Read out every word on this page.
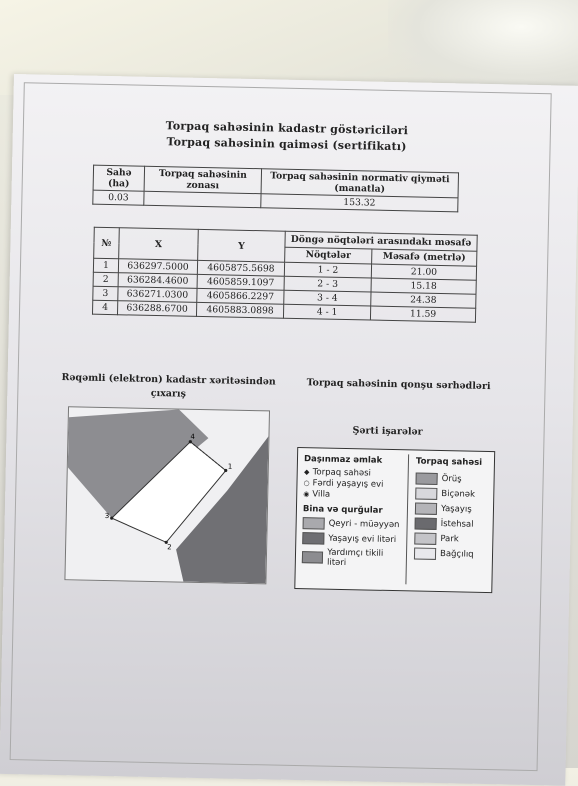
Torpaq sahəsinin kadastr göstəriciləri
Torpaq sahəsinin qaiməsi (sertifikatı)
Sahə (ha)	Torpaq sahəsinin zonası	Torpaq sahəsinin normativ qiyməti (manatla)
0.03		153.32
№	X	Y	Döngə nöqtələri arasındakı məsafə	
			Nöqtələr	Məsafə (metrlə)
1	636297.5000	4605875.5698	1 - 2	21.00
2	636284.4600	4605859.1097	2 - 3	15.18
3	636271.0300	4605866.2297	3 - 4	24.38
4	636288.6700	4605883.0898	4 - 1	11.59
Rəqəmli (elektron) kadastr xəritəsindən
çıxarış
Torpaq sahəsinin qonşu sərhədləri
Şərti işarələr
1
2
3
4
Daşınmaz əmlak
◆ Torpaq sahəsi
○ Fərdi yaşayış evi
◉ Villa
Bina və qurğular
Qeyri - müəyyən
Yaşayış evi litəri
Yardımçı tikili litəri
Torpaq sahəsi
Örüş
Biçənək
Yaşayış
İstehsal
Park
Bağçılıq
